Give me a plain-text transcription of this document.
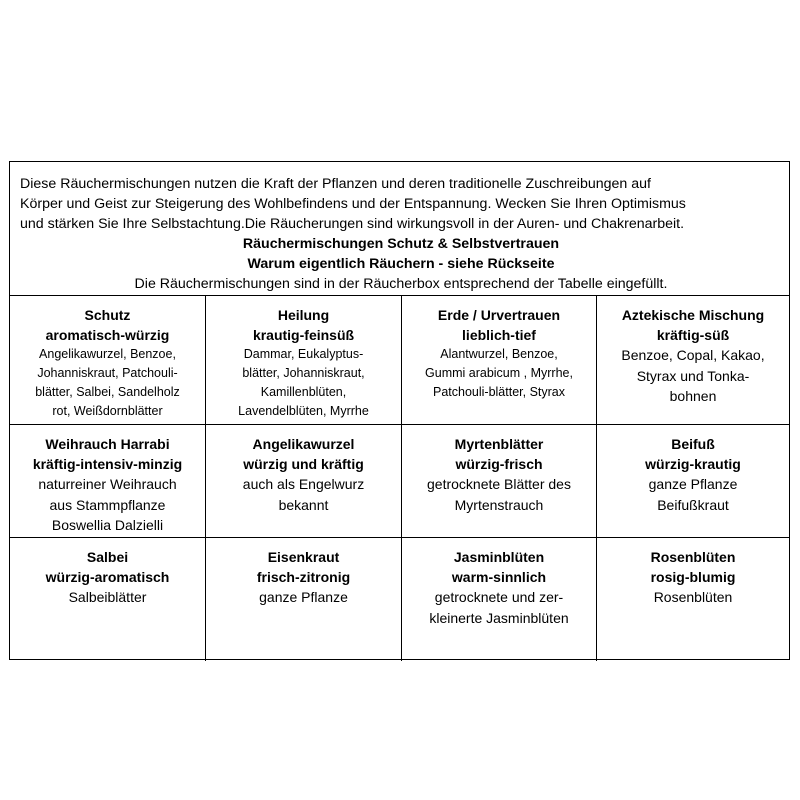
Diese Räuchermischungen nutzen die Kraft der Pflanzen und deren traditionelle Zuschreibungen auf
Körper und Geist zur Steigerung des Wohlbefindens und der Entspannung. Wecken Sie Ihren Optimismus
und stärken Sie Ihre Selbstachtung.Die Räucherungen sind wirkungsvoll in der Auren- und Chakrenarbeit.
Räuchermischungen Schutz & Selbstvertrauen
Warum eigentlich Räuchern - siehe Rückseite
Die Räuchermischungen sind in der Räucherbox entsprechend der Tabelle eingefüllt.
Schutz
aromatisch-würzig
Angelikawurzel, Benzoe,
Johanniskraut, Patchouli-
blätter, Salbei, Sandelholz
rot, Weißdornblätter
Heilung
krautig-feinsüß
Dammar, Eukalyptus-
blätter, Johanniskraut,
Kamillenblüten,
Lavendelblüten, Myrrhe
Erde / Urvertrauen
lieblich-tief
Alantwurzel, Benzoe,
Gummi arabicum , Myrrhe,
Patchouli-blätter, Styrax
Aztekische Mischung
kräftig-süß
Benzoe, Copal, Kakao,
Styrax und Tonka-
bohnen
Weihrauch Harrabi
kräftig-intensiv-minzig
naturreiner Weihrauch
aus Stammpflanze
Boswellia Dalzielli
Angelikawurzel
würzig und kräftig
auch als Engelwurz
bekannt
Myrtenblätter
würzig-frisch
getrocknete Blätter des
Myrtenstrauch
Beifuß
würzig-krautig
ganze Pflanze
Beifußkraut
Salbei
würzig-aromatisch
Salbeiblätter
Eisenkraut
frisch-zitronig
ganze Pflanze
Jasminblüten
warm-sinnlich
getrocknete und zer-
kleinerte Jasminblüten
Rosenblüten
rosig-blumig
Rosenblüten
